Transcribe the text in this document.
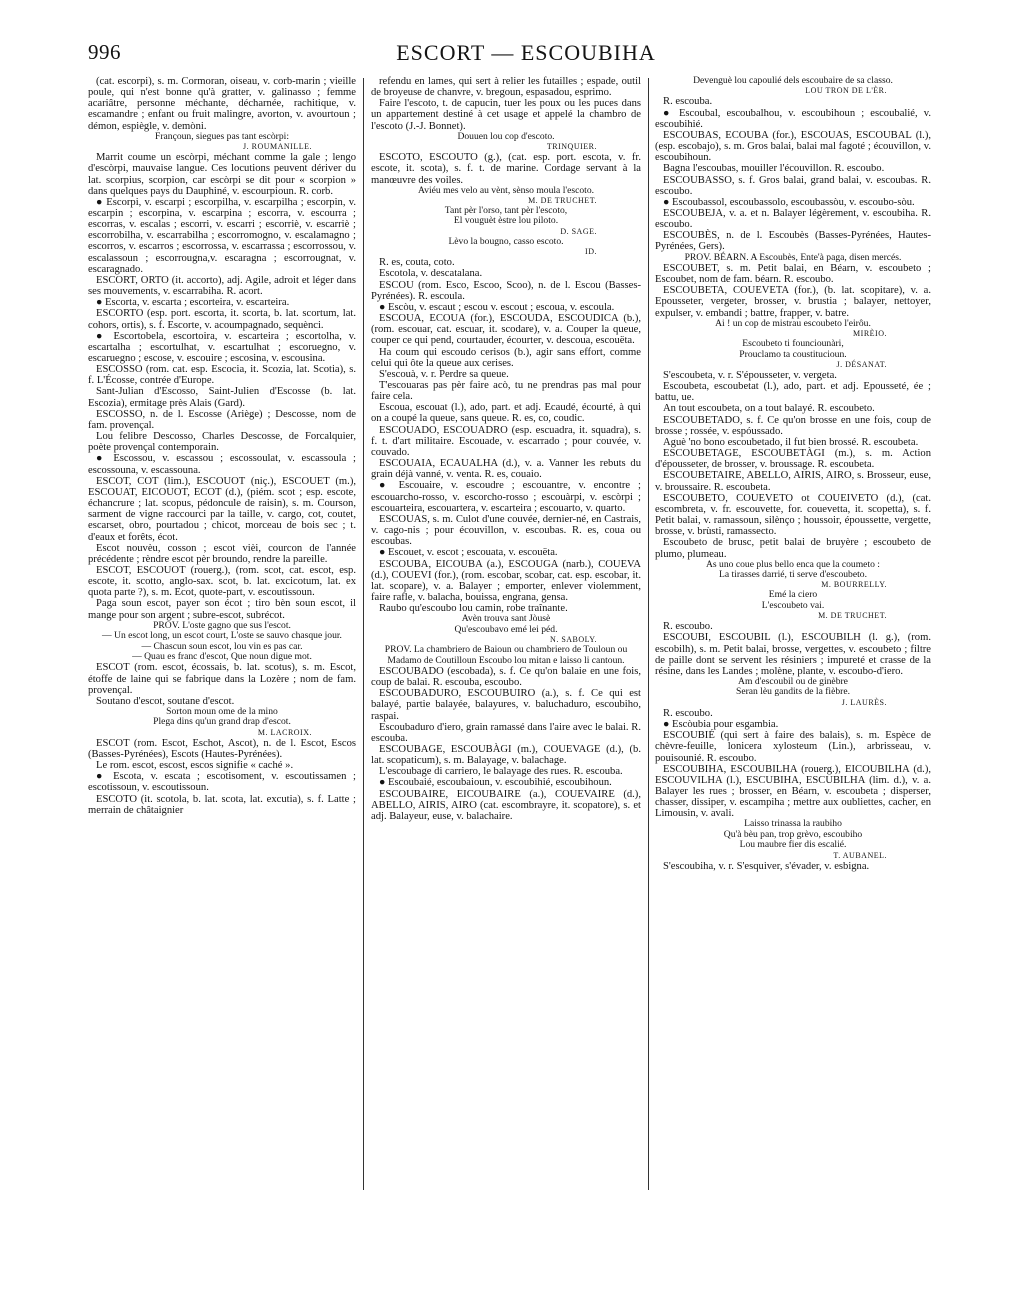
996	ESCORT — ESCOUBIHA

(cat. escorpi), s. m. Cormoran, oiseau, v. corb-marin ; vieille poule, qui n'est bonne qu'à gratter, v. galinasso ; femme acariâtre, personne méchante, décharnée, rachitique, v. escamandre ; enfant ou fruit malingre, avorton, v. avourtoun ; démon, espiègle, v. demòni.

Françoun, siegues pas tant escòrpi:

J. ROUMANILLE.

Marrit coume un escòrpi, méchant comme la gale ; lengo d'escòrpi, mauvaise langue. Ces locutions peuvent dériver du lat. scorpius, scorpion, car escòrpi se dit pour « scorpion » dans quelques pays du Dauphiné, v. escourpioun. R. corb.

● Escorpi, v. escarpi ; escorpilha, v. escarpilha ; escorpin, v. escarpin ; escorpina, v. escarpina ; escorra, v. escourra ; escorras, v. escalas ; escorri, v. escarri ; escorriè, v. escarriè ; escorrobilha, v. escarrabilha ; escorromogno, v. escalamagno ; escorros, v. escarros ; escorrossa, v. escarrassa ; escorrossou, v. escalassoun ; escorrougna,v. escaragna ; escorrougnat, v. escaragnado.

ESCORT, ORTO (it. accorto), adj. Agile, adroit et léger dans ses mouvements, v. escarrabiha. R. acort.

● Escorta, v. escarta ; escorteira, v. escarteira.

ESCORTO (esp. port. escorta, it. scorta, b. lat. scortum, lat. cohors, ortis), s. f. Escorte, v. acoumpagnado, sequènci.

● Escortobela, escortoira, v. escarteira ; escortolha, v. escartalha ; escortulhat, v. escartulhat ; escoruegno, v. escaruegno ; escose, v. escouire ; escosina, v. escousina.

ESCOSSO (rom. cat. esp. Escocia, it. Scozia, lat. Scotia), s. f. L'Écosse, contrée d'Europe.

Sant-Julian d'Escosso, Saint-Julien d'Escosse (b. lat. Escozia), ermitage près Alais (Gard).

ESCOSSO, n. de l. Escosse (Ariège) ; Descosse, nom de fam. provençal.

Lou felibre Descosso, Charles Descosse, de Forcalquier, poète provençal contemporain.

● Escossou, v. escassou ; escossoulat, v. escassoula ; escossouna, v. escassouna.

ESCOT, COT (lim.), ESCOUOT (niç.), ESCOUET (m.), ESCOUAT, EICOUOT, ECOT (d.), (piém. scot ; esp. escote, échancrure ; lat. scopus, pédoncule de raisin), s. m. Courson, sarment de vigne raccourci par la taille, v. cargo, cot, coutet, escarset, obro, pourtadou ; chicot, morceau de bois sec ; t. d'eaux et forêts, écot.

Escot nouvèu, cosson ; escot vièi, courcon de l'année précédente ; rèndre escot pèr broundo, rendre la pareille.

ESCOT, ESCOUOT (rouerg.), (rom. scot, cat. escot, esp. escote, it. scotto, anglo-sax. scot, b. lat. excicotum, lat. ex quota parte ?), s. m. Ecot, quote-part, v. escoutissoun.

Paga soun escot, payer son écot ; tiro bèn soun escot, il mange pour son argent ; subre-escot, subrécot.

PROV. L'oste gagno que sus l'escot.

— Un escot long, un escot court, L'oste se sauvo chasque jour.

— Chascun soun escot, lou vin es pas car.

— Quau es franc d'escot, Que noun digue mot.

ESCOT (rom. escot, écossais, b. lat. scotus), s. m. Escot, étoffe de laine qui se fabrique dans la Lozère ; nom de fam. provençal.

Soutano d'escot, soutane d'escot.

Sorton moun ome de la mino

Plega dins qu'un grand drap d'escot.

M. LACROIX.

ESCOT (rom. Escot, Eschot, Ascot), n. de l. Escot, Escos (Basses-Pyrénées), Escots (Hautes-Pyrénées).

Le rom. escot, escost, escos signifie « caché ».

● Escota, v. escata ; escotisoment, v. escoutissamen ; escotissoun, v. escoutissoun.

ESCOTO (it. scotola, b. lat. scota, lat. excutia), s. f. Latte ; merrain de châtaignier

refendu en lames, qui sert à relier les futailles ; espade, outil de broyeuse de chanvre, v. bregoun, espasadou, esprimo.

Faire l'escoto, t. de capucin, tuer les poux ou les puces dans un appartement destiné à cet usage et appelé la chambro de l'escoto (J.-J. Bonnet).

Douuen lou cop d'escoto.

TRINQUIER.

ESCOTO, ESCOUTO (g.), (cat. esp. port. escota, v. fr. escote, it. scota), s. f. t. de marine. Cordage servant à la manœuvre des voiles.

Aviéu mes velo au vènt, sènso moula l'escoto.

M. DE TRUCHET.

Tant pèr l'orso, tant pèr l'escoto,

El vouguèt èstre lou piloto.

D. SAGE.

Lèvo la bougno, casso escoto.

ID.

R. es, couta, coto.

Escotola, v. descatalana.

ESCOU (rom. Esco, Escoo, Scoo), n. de l. Escou (Basses-Pyrénées). R. escoula.

● Escòu, v. escaut ; escou v. escout ; escoua, v. escoula.

ESCOUA, ECOUA (for.), ESCOUDA, ESCOUDICA (b.), (rom. escouar, cat. escuar, it. scodare), v. a. Couper la queue, couper ce qui pend, courtauder, écourter, v. descoua, escouëta.

Ha coum qui escoudo cerisos (b.), agir sans effort, comme celui qui ôte la queue aux cerises.

S'escouà, v. r. Perdre sa queue.

T'escouaras pas pèr faire acò, tu ne prendras pas mal pour faire cela.

Escoua, escouat (l.), ado, part. et adj. Ecaudé, écourté, à qui on a coupé la queue, sans queue. R. es, co, coudic.

ESCOUADO, ESCOUADRO (esp. escuadra, it. squadra), s. f. t. d'art militaire. Escouade, v. escarrado ; pour couvée, v. couvado.

ESCOUAIA, ECAUALHA (d.), v. a. Vanner les rebuts du grain déjà vanné, v. venta. R. es, couaio.

● Escouaire, v. escoudre ; escouantre, v. encontre ; escouarcho-rosso, v. escorcho-rosso ; escouàrpi, v. escòrpi ; escouarteira, escouartera, v. escarteira ; escouarto, v. quarto.

ESCOUAS, s. m. Culot d'une couvée, dernier-né, en Castrais, v. cago-nis ; pour écouvillon, v. escoubas. R. es, coua ou escoubas.

● Escouet, v. escot ; escouata, v. escouëta.

ESCOUBA, EICOUBA (a.), ESCOUGA (narb.), COUEVA (d.), COUEVI (for.), (rom. escobar, scobar, cat. esp. escobar, it. lat. scopare), v. a. Balayer ; emporter, enlever violemment, faire rafle, v. balacha, bouissa, engrana, gensa.

Raubo qu'escoubo lou camin, robe traînante.

Avèn trouva sant Jòusè

Qu'escoubavo emé lei péd.

N. SABOLY.

PROV. La chambriero de Baioun ou chambriero de Touloun ou Madamo de Coutilloun Escoubo lou mitan e laisso li cantoun.

ESCOUBADO (escobada), s. f. Ce qu'on balaie en une fois, coup de balai. R. escouba, escoubo.

ESCOUBADURO, ESCOUBUIRO (a.), s. f. Ce qui est balayé, partie balayée, balayures, v. baluchaduro, escoubiho, raspai.

Escoubaduro d'iero, grain ramassé dans l'aire avec le balai. R. escouba.

ESCOUBAGE, ESCOUBÀGI (m.), COUEVAGE (d.), (b. lat. scopaticum), s. m. Balayage, v. balachage.

L'escoubage di carriero, le balayage des rues. R. escouba.

● Escoubaié, escoubaioun, v. escoubihié, escoubihoun.

ESCOUBAIRE, EICOUBAIRE (a.), COUEVAIRE (d.), ABELLO, AIRIS, AIRO (cat. escombrayre, it. scopatore), s. et adj. Balayeur, euse, v. balachaire.

Devenguè lou capoulié dels escoubaire de sa classo.

LOU TRON DE L'ÈR.

R. escouba.

● Escoubal, escoubalhou, v. escoubihoun ; escoubalié, v. escoubihié.

ESCOUBAS, ECOUBA (for.), ESCOUAS, ESCOUBAL (l.), (esp. escobajo), s. m. Gros balai, balai mal fagoté ; écouvillon, v. escoubihoun.

Bagna l'escoubas, mouiller l'écouvillon. R. escoubo.

ESCOUBASSO, s. f. Gros balai, grand balai, v. escoubas. R. escoubo.

● Escoubassol, escoubassolo, escoubassòu, v. escoubo-sòu.

ESCOUBEJA, v. a. et n. Balayer légèrement, v. escoubiha. R. escoubo.

ESCOUBÈS, n. de l. Escoubès (Basses-Pyrénées, Hautes-Pyrénées, Gers).

PROV. BÉARN. A Escoubès, Ente'à paga, disen mercés.

ESCOUBET, s. m. Petit balai, en Béarn, v. escoubeto ; Escoubet, nom de fam. béarn. R. escoubo.

ESCOUBETA, COUEVETA (for.), (b. lat. scopitare), v. a. Epousseter, vergeter, brosser, v. brustia ; balayer, nettoyer, expulser, v. embandi ; battre, frapper, v. batre.

Ai ! un cop de mistrau escoubeto l'eirôu.

MIRÈIO.

Escoubeto ti founciounàri,

Prouclamo ta coustitucioun.

J. DÉSANAT.

S'escoubeta, v. r. S'épousseter, v. vergeta.

Escoubeta, escoubetat (l.), ado, part. et adj. Epousseté, ée ; battu, ue.

An tout escoubeta, on a tout balayé. R. escoubeto.

ESCOUBETADO, s. f. Ce qu'on brosse en une fois, coup de brosse ; rossée, v. espóussado.

Aguè 'no bono escoubetado, il fut bien brossé. R. escoubeta.

ESCOUBETAGE, ESCOUBETÀGI (m.), s. m. Action d'épousseter, de brosser, v. broussage. R. escoubeta.

ESCOUBETAIRE, ABELLO, AIRIS, AIRO, s. Brosseur, euse, v. broussaire. R. escoubeta.

ESCOUBETO, COUEVETO ot COUEIVETO (d.), (cat. escombreta, v. fr. escouvette, for. couevetta, it. scopetta), s. f. Petit balai, v. ramassoun, silènço ; houssoir, époussette, vergette, brosse, v. brùsti, ramassecto.

Escoubeto de brusc, petit balai de bruyère ; escoubeto de plumo, plumeau.

As uno coue plus bello enca que la coumeto :

La tirasses darrié, ti serve d'escoubeto.

M. BOURRELLY.

Emé la ciero

L'escoubeto vai.

M. DE TRUCHET.

R. escoubo.

ESCOUBI, ESCOUBIL (l.), ESCOUBILH (l. g.), (rom. escobilh), s. m. Petit balai, brosse, vergettes, v. escoubeto ; filtre de paille dont se servent les résiniers ; impureté et crasse de la résine, dans les Landes ; molène, plante, v. escoubo-d'iero.

Am d'escoubil ou de ginèbre

Seran lèu gandits de la fièbre.

J. LAURÈS.

R. escoubo.

● Escòubia pour esgambia.

ESCOUBIÉ (qui sert à faire des balais), s. m. Espèce de chèvre-feuille, lonicera xylosteum (Lin.), arbrisseau, v. pouisounié. R. escoubo.

ESCOUBIHA, ESCOUBILHA (rouerg.), EICOUBILHA (d.), ESCOUVILHA (l.), ESCUBIHA, ESCUBILHA (lim. d.), v. a. Balayer les rues ; brosser, en Béarn, v. escoubeta ; disperser, chasser, dissiper, v. escampiha ; mettre aux oubliettes, cacher, en Limousin, v. avali.

Laisso trinassa la raubiho

Qu'à bèu pan, trop grèvo, escoubiho

Lou maubre fier dis escalié.

T. AUBANEL.

S'escoubiha, v. r. S'esquiver, s'évader, v. esbigna.
